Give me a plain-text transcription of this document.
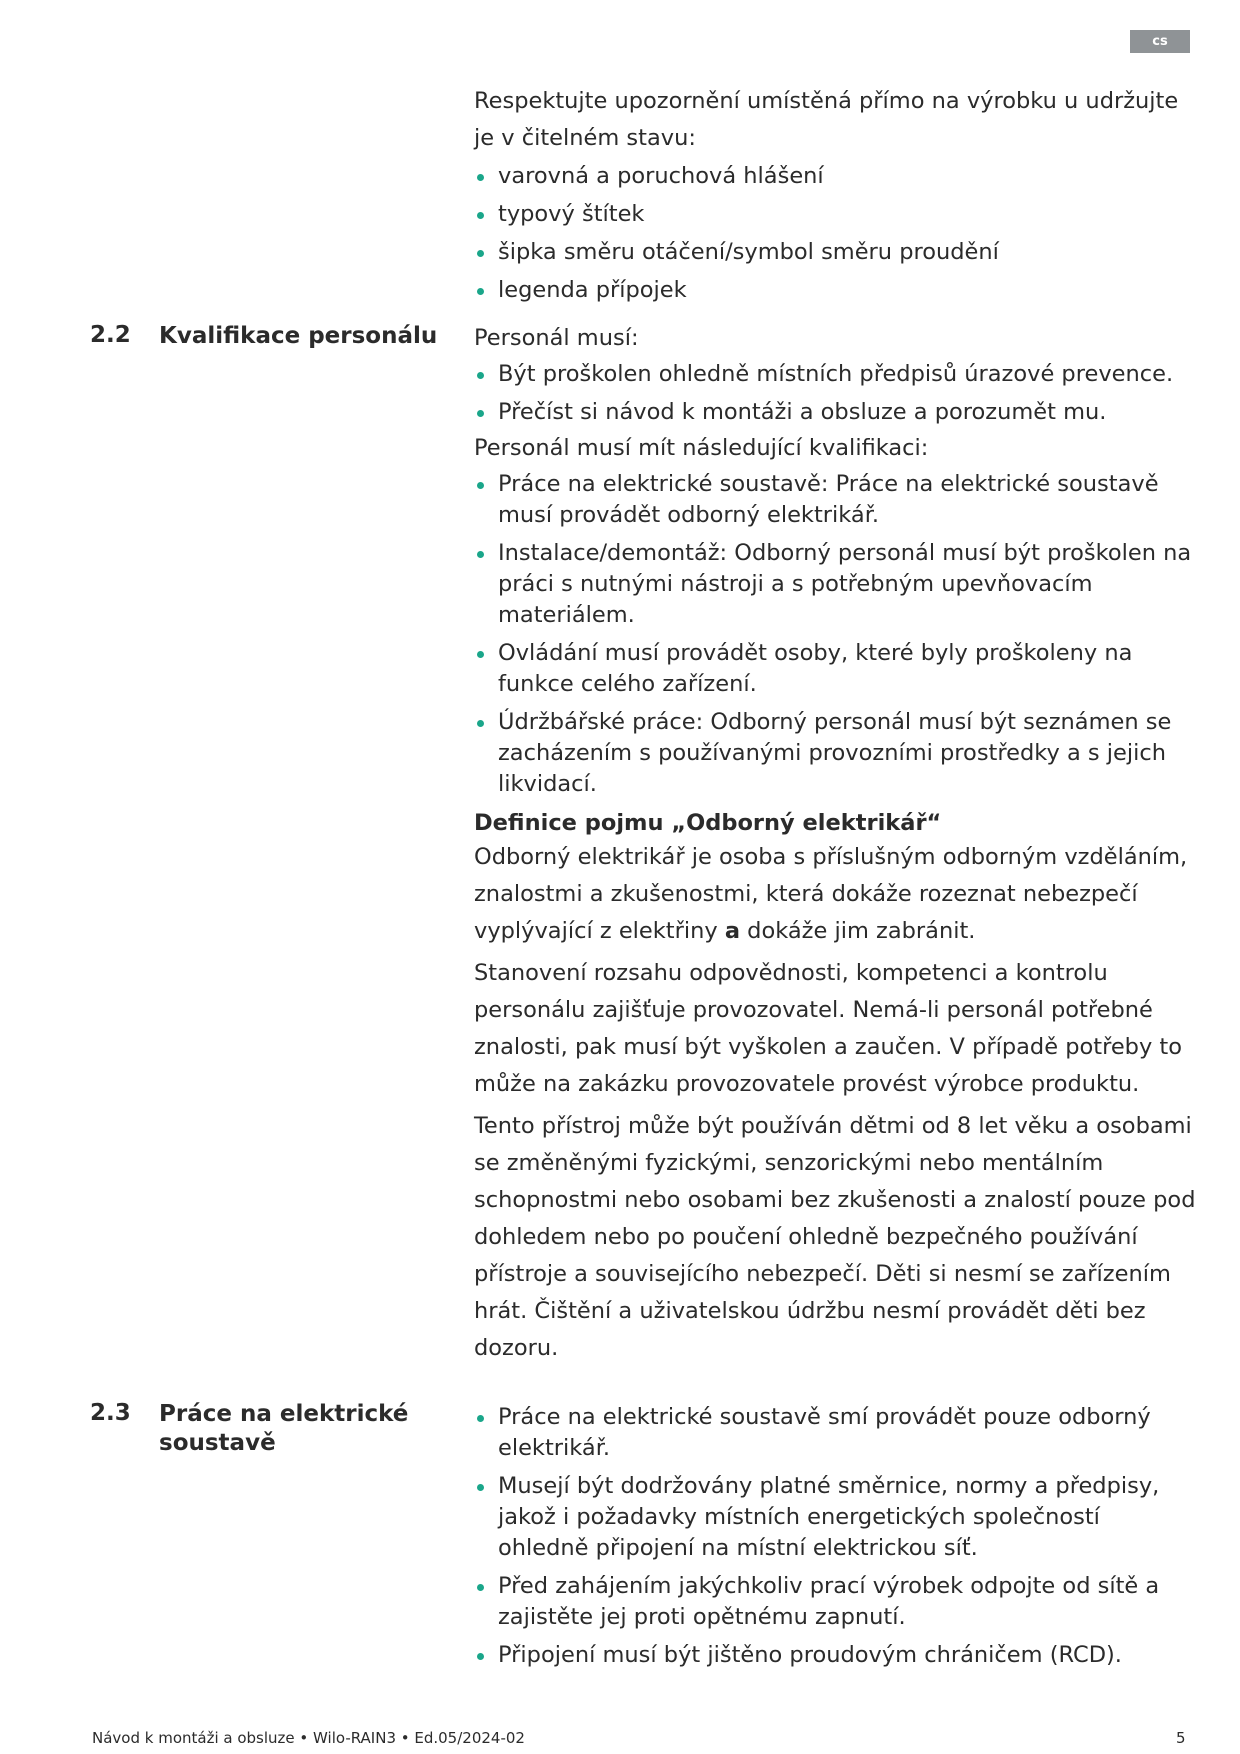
cs

Respektujte upozornění umístěná přímo na výrobku u udržujte je v čitelném stavu:

varovná a poruchová hlášení
typový štítek
šipka směru otáčení/symbol směru proudění
legenda přípojek
2.2 Kvalifikace personálu Personál musí:

Být proškolen ohledně místních předpisů úrazové prevence.
Přečíst si návod k montáži a obsluze a porozumět mu.

Personál musí mít následující kvalifikaci:

Práce na elektrické soustavě: Práce na elektrické soustavě musí provádět odborný elektrikář.
Instalace/demontáž: Odborný personál musí být proškolen na práci s nutnými nástroji a s potřebným upevňovacím materiálem.
Ovládání musí provádět osoby, které byly proškoleny na funkce celého zařízení.
Údržbářské práce: Odborný personál musí být seznámen se zacházením s používanými provozními prostředky a s jejich likvidací.
Definice pojmu „Odborný elektrikář“

Odborný elektrikář je osoba s příslušným odborným vzděláním, znalostmi a zkušenostmi, která dokáže rozeznat nebezpečí vyplývající z elektřiny a dokáže jim zabránit.

Stanovení rozsahu odpovědnosti, kompetenci a kontrolu personálu zajišťuje provozovatel. Nemá-li personál potřebné znalosti, pak musí být vyškolen a zaučen. V případě potřeby to může na zakázku provozovatele provést výrobce produktu.

Tento přístroj může být používán dětmi od 8 let věku a osobami se změněnými fyzickými, senzorickými nebo mentálním schopnostmi nebo osobami bez zkušenosti a znalostí pouze pod dohledem nebo po poučení ohledně bezpečného používání přístroje a souvisejícího nebezpečí. Děti si nesmí se zařízením hrát. Čištění a uživatelskou údržbu nesmí provádět děti bez dozoru.

2.3 Práce na elektrické soustavě
Práce na elektrické soustavě smí provádět pouze odborný elektrikář.
Musejí být dodržovány platné směrnice, normy a předpisy, jakož i požadavky místních energetických společností ohledně připojení na místní elektrickou síť.
Před zahájením jakýchkoliv prací výrobek odpojte od sítě a zajistěte jej proti opětnému zapnutí.
Připojení musí být jištěno proudovým chráničem (RCD).
Návod k montáži a obsluze • Wilo-RAIN3 • Ed.05/2024-02	5
